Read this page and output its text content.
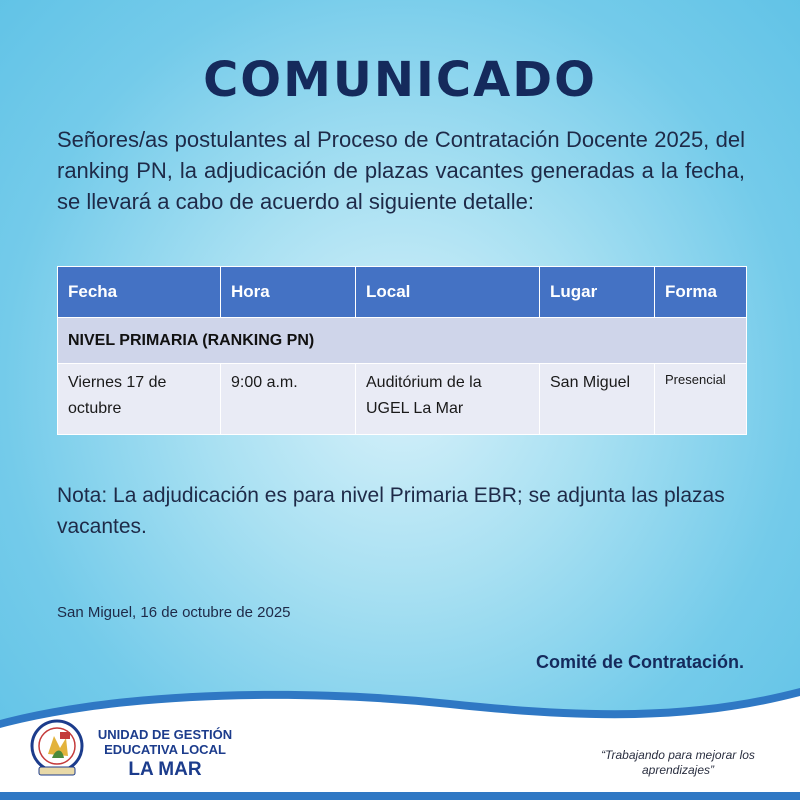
COMUNICADO
Señores/as postulantes al Proceso de Contratación Docente 2025, del ranking PN, la adjudicación de plazas vacantes generadas a la fecha, se llevará a cabo de acuerdo al siguiente detalle:
Fecha	Hora	Local	Lugar	Forma
NIVEL PRIMARIA (RANKING PN)				
Viernes 17 de octubre	9:00 a.m.	Auditórium de la UGEL La Mar	San Miguel	Presencial
Nota: La adjudicación es para nivel Primaria EBR; se adjunta las plazas vacantes.
San Miguel, 16 de octubre de 2025
Comité de Contratación.
UNIDAD DE GESTIÓN
EDUCATIVA LOCAL
LA MAR
“Trabajando para mejorar los aprendizajes”
